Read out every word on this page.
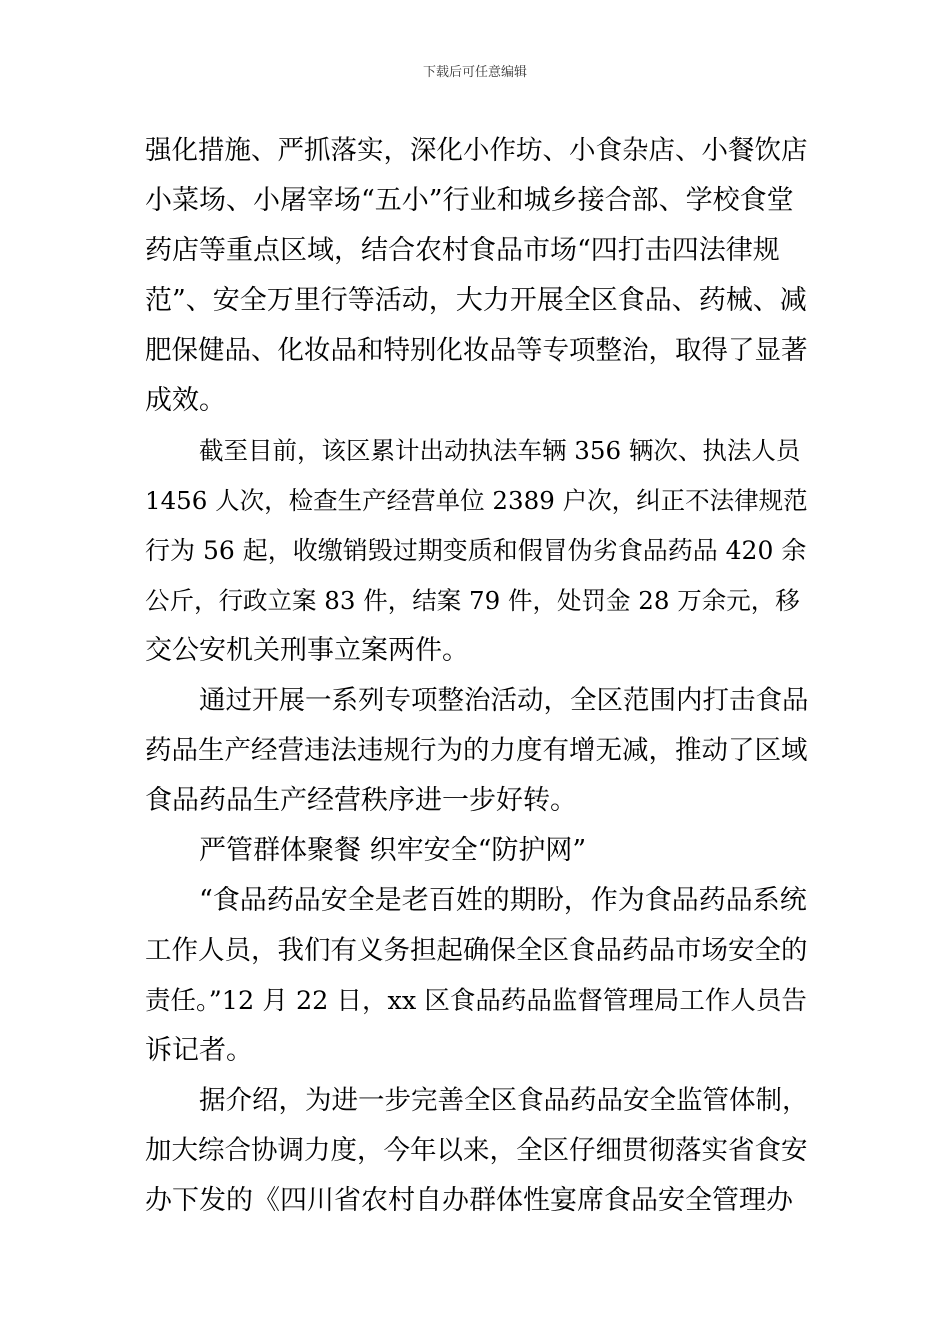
下载后可任意编辑
强化措施、严抓落实，深化小作坊、小食杂店、小餐饮店
小菜场、小屠宰场“五小”行业和城乡接合部、学校食堂
药店等重点区域，结合农村食品市场“四打击四法律规
范”、安全万里行等活动，大力开展全区食品、药械、减
肥保健品、化妆品和特别化妆品等专项整治，取得了显著
成效。
截至目前，该区累计出动执法车辆 356 辆次、执法人员
1456 人次，检查生产经营单位 2389 户次，纠正不法律规范
行为 56 起，收缴销毁过期变质和假冒伪劣食品药品 420 余
公斤，行政立案 83 件，结案 79 件，处罚金 28 万余元，移
交公安机关刑事立案两件。
通过开展一系列专项整治活动，全区范围内打击食品
药品生产经营违法违规行为的力度有增无减，推动了区域
食品药品生产经营秩序进一步好转。
严管群体聚餐 织牢安全“防护网”
“食品药品安全是老百姓的期盼，作为食品药品系统
工作人员，我们有义务担起确保全区食品药品市场安全的
责任。”12 月 22 日，xx 区食品药品监督管理局工作人员告
诉记者。
据介绍，为进一步完善全区食品药品安全监管体制，
加大综合协调力度，今年以来，全区仔细贯彻落实省食安
办下发的《四川省农村自办群体性宴席食品安全管理办
